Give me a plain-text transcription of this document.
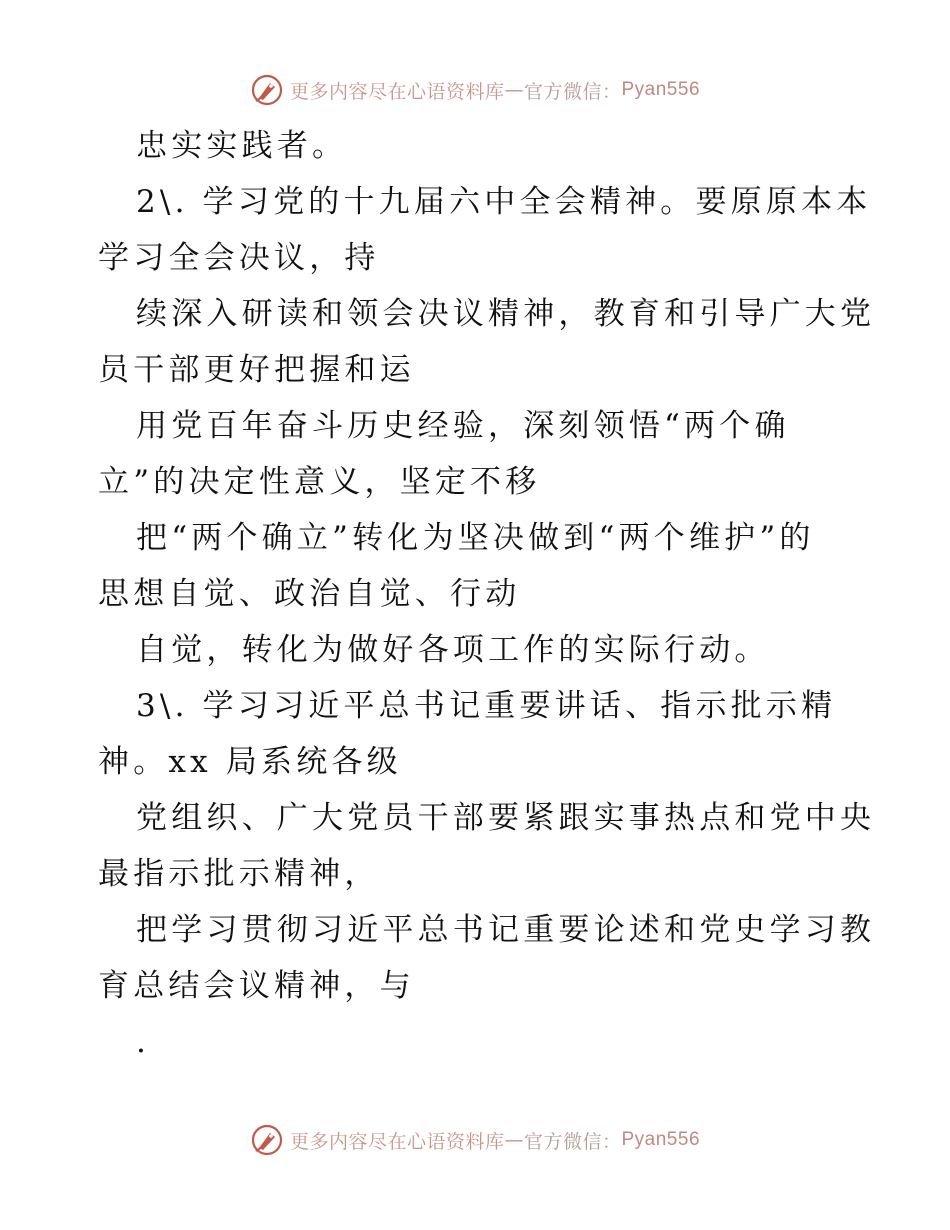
更多内容尽在心语资料库 — 官方微信： Pyan556
忠实实践者。
2\. 学习党的十九届六中全会精神。要原原本本
学习全会决议，持
续深入研读和领会决议精神，教育和引导广大党
员干部更好把握和运
用党百年奋斗历史经验，深刻领悟“两个确
立”的决定性意义，坚定不移
把“两个确立”转化为坚决做到“两个维护”的
思想自觉、政治自觉、行动
自觉，转化为做好各项工作的实际行动。
3\. 学习习近平总书记重要讲话、指示批示精
神。xx 局系统各级
党组织、广大党员干部要紧跟实事热点和党中央
最指示批示精神，
把学习贯彻习近平总书记重要论述和党史学习教
育总结会议精神，与
.
更多内容尽在心语资料库 — 官方微信： Pyan556
